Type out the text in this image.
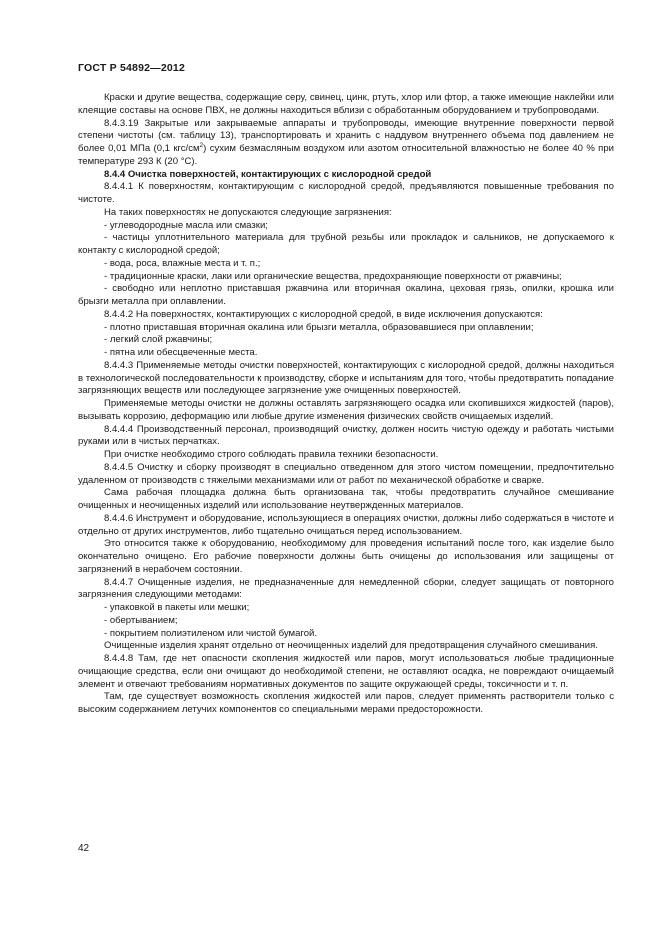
ГОСТ Р 54892—2012

Краски и другие вещества, содержащие серу, свинец, цинк, ртуть, хлор или фтор, а также имеющие наклейки или клеящие составы на основе ПВХ, не должны находиться вблизи с обработанным оборудованием и трубопроводами.

8.4.3.19 Закрытые или закрываемые аппараты и трубопроводы, имеющие внутренние поверхности первой степени чистоты (см. таблицу 13), транспортировать и хранить с наддувом внутреннего объема под давлением не более 0,01 МПа (0,1 кгс/$см^2$) сухим безмасляным воздухом или азотом относительной влажностью не более 40 % при температуре 293 К (20 °С).

8.4.4 Очистка поверхностей, контактирующих с кислородной средой

8.4.4.1 К поверхностям, контактирующим с кислородной средой, предъявляются повышенные требования по чистоте.

На таких поверхностях не допускаются следующие загрязнения:

- углеводородные масла или смазки;

- частицы уплотнительного материала для трубной резьбы или прокладок и сальников, не допускаемого к контакту с кислородной средой;

- вода, роса, влажные места и т. п.;

- традиционные краски, лаки или органические вещества, предохраняющие поверхности от ржавчины;

- свободно или неплотно приставшая ржавчина или вторичная окалина, цеховая грязь, опилки, крошка или брызги металла при оплавлении.

8.4.4.2 На поверхностях, контактирующих с кислородной средой, в виде исключения допускаются:

- плотно приставшая вторичная окалина или брызги металла, образовавшиеся при оплавлении;

- легкий слой ржавчины;

- пятна или обесцвеченные места.

8.4.4.3 Применяемые методы очистки поверхностей, контактирующих с кислородной средой, должны находиться в технологической последовательности к производству, сборке и испытаниям для того, чтобы предотвратить попадание загрязняющих веществ или последующее загрязнение уже очищенных поверхностей.

Применяемые методы очистки не должны оставлять загрязняющего осадка или скопившихся жидкостей (паров), вызывать коррозию, деформацию или любые другие изменения физических свойств очищаемых изделий.

8.4.4.4 Производственный персонал, производящий очистку, должен носить чистую одежду и работать чистыми руками или в чистых перчатках.

При очистке необходимо строго соблюдать правила техники безопасности.

8.4.4.5 Очистку и сборку производят в специально отведенном для этого чистом помещении, предпочтительно удаленном от производств с тяжелыми механизмами или от работ по механической обработке и сварке.

Сама рабочая площадка должна быть организована так, чтобы предотвратить случайное смешивание очищенных и неочищенных изделий или использование неутвержденных материалов.

8.4.4.6 Инструмент и оборудование, использующиеся в операциях очистки, должны либо содержаться в чистоте и отдельно от других инструментов, либо тщательно очищаться перед использованием.

Это относится также к оборудованию, необходимому для проведения испытаний после того, как изделие было окончательно очищено. Его рабочие поверхности должны быть очищены до использования или защищены от загрязнений в нерабочем состоянии.

8.4.4.7 Очищенные изделия, не предназначенные для немедленной сборки, следует защищать от повторного загрязнения следующими методами:

- упаковкой в пакеты или мешки;

- обертыванием;

- покрытием полиэтиленом или чистой бумагой.

Очищенные изделия хранят отдельно от неочищенных изделий для предотвращения случайного смешивания.

8.4.4.8 Там, где нет опасности скопления жидкостей или паров, могут использоваться любые традиционные очищающие средства, если они очищают до необходимой степени, не оставляют осадка, не повреждают очищаемый элемент и отвечают требованиям нормативных документов по защите окружающей среды, токсичности и т. п.

Там, где существует возможность скопления жидкостей или паров, следует применять растворители только с высоким содержанием летучих компонентов со специальными мерами предосторожности.

42
